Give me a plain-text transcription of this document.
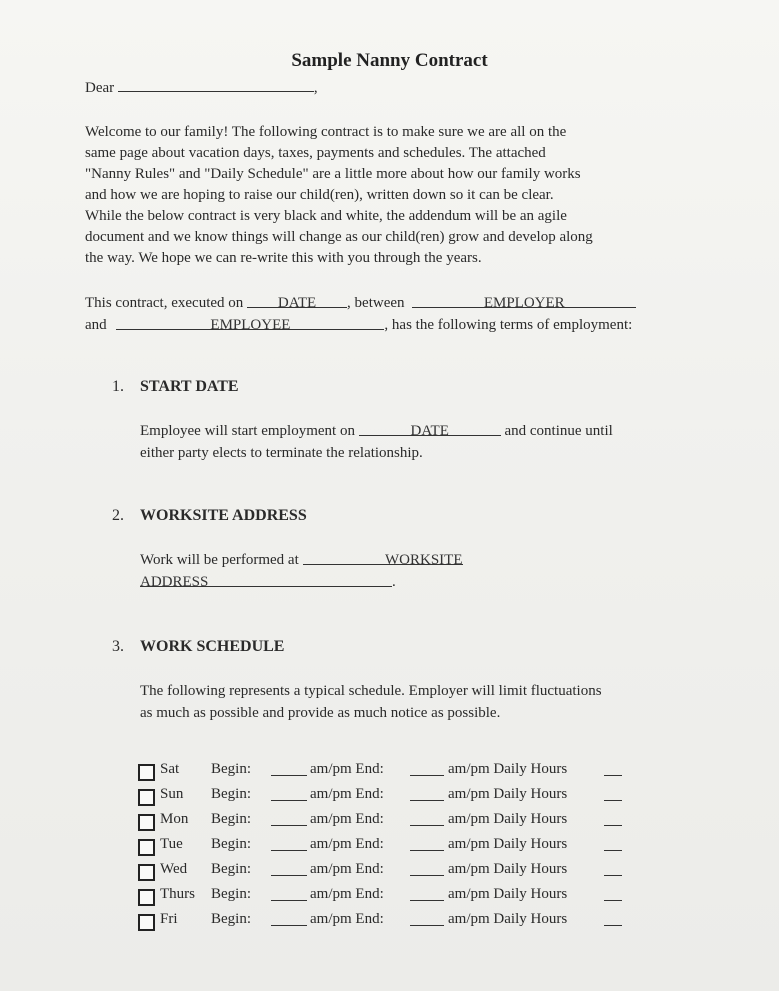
Sample Nanny Contract
Dear	,
Welcome to our family! The following contract is to make sure we are all on the
same page about vacation days, taxes, payments and schedules. The attached
"Nanny Rules" and "Daily Schedule" are a little more about how our family works
and how we are hoping to raise our child(ren), written down so it can be clear.
While the below contract is very black and white, the addendum will be an agile
document and we know things will change as our child(ren) grow and develop along
the way. We hope we can re-write this with you through the years.
This contract, executed on DATE , between	EMPLOYER
and	EMPLOYEE	, has the following terms of employment:
1. START DATE
Employee will start employment on	DATE	and continue until
either party elects to terminate the relationship.
2. WORKSITE ADDRESS
Work will be performed at	WORKSITE
ADDRESS	.
3. WORK SCHEDULE
The following represents a typical schedule. Employer will limit fluctuations
as much as possible and provide as much notice as possible.
Sat Begin:	am/pm End:	am/pm Daily Hours
Sun Begin:	am/pm End:	am/pm Daily Hours
Mon Begin:	am/pm End:	am/pm Daily Hours
Tue Begin:	am/pm End:	am/pm Daily Hours
Wed Begin:	am/pm End:	am/pm Daily Hours
Thurs Begin:	am/pm End:	am/pm Daily Hours
Fri Begin:	am/pm End:	am/pm Daily Hours
